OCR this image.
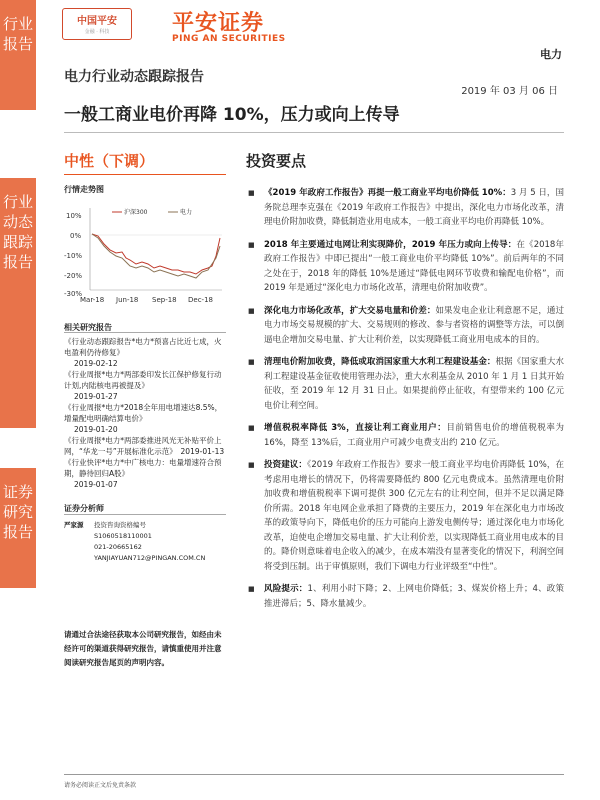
行业报告
行业动态跟踪报告
证券研究报告
中国平安
金融 · 科技	平安证券
PING AN SECURITIES
电力
电力行业动态跟踪报告
2019 年 03 月 06 日
一般工商业电价再降 10%，压力或向上传导
中性（下调）
行情走势图
10%
0%
-10%
-20%
-30%
沪深300	电力
Mar-18 Jun-18 Sep-18 Dec-18
相关研究报告
《行业动态跟踪报告*电力*预喜占比近七成，火电盈利仍待修复》
2019-02-12
《行业周报*电力*两部委印发长江保护修复行动计划,内陆核电再被提及》
2019-01-27
《行业周报*电力*2018全年用电增速达8.5%，增量配电明确结算电价》
2019-01-20
《行业周报*电力*两部委推进风光无补贴平价上网，“华龙一号”开展标准化示范》　2019-01-13
《行业快评*电力*中广核电力：电量增速符合预期，静待回归A股》
2019-01-07
证券分析师
严家源	投资咨询资格编号
S1060518110001
021-20665162
YANJIAYUAN712@PINGAN.COM.CN
请通过合法途径获取本公司研究报告，如经由未经许可的渠道获得研究报告，请慎重使用并注意阅读研究报告尾页的声明内容。
投资要点
■ 《2019 年政府工作报告》再提一般工商业平均电价降低 10%：3 月 5 日，国务院总理李克强在《2019 年政府工作报告》中提出，深化电力市场化改革，清理电价附加收费，降低制造业用电成本，一般工商业平均电价再降低 10%。
■ 2018 年主要通过电网让利实现降价，2019 年压力或向上传导：在《2018年政府工作报告》中即已提出“一般工商业电价平均降低 10%”。前后两年的不同之处在于，2018 年的降低 10%是通过“降低电网环节收费和输配电价格”，而 2019 年是通过“深化电力市场化改革，清理电价附加收费”。
■ 深化电力市场化改革，扩大交易电量和价差：如果发电企业让利意愿不足，通过电力市场交易规模的扩大、交易规则的修改、参与者资格的调整等方法，可以倒逼电企增加交易电量、扩大让利价差，以实现降低工商业用电成本的目的。
■ 清理电价附加收费，降低或取消国家重大水利工程建设基金：根据《国家重大水利工程建设基金征收使用管理办法》，重大水利基金从 2010 年 1 月 1 日其开始征收，至 2019 年 12 月 31 日止。如果提前停止征收，有望带来约 100 亿元电价让利空间。
■ 增值税税率降低 3%，直接让利工商业用户：目前销售电价的增值税税率为 16%，降至 13%后，工商业用户可减少电费支出约 210 亿元。
■ 投资建议：《2019 年政府工作报告》要求一般工商业平均电价再降低 10%，在考虑用电增长的情况下，仍将需要降低约 800 亿元电费成本。虽然清理电价附加收费和增值税税率下调可提供 300 亿元左右的让利空间，但并不足以满足降价所需。2018 年电网企业承担了降费的主要压力，2019 年在深化电力市场改革的政策导向下，降低电价的压力可能向上游发电侧传导；通过深化电力市场化改革，迫使电企增加交易电量、扩大让利价差，以实现降低工商业用电成本的目的。降价则意味着电企收入的减少，在成本端没有显著变化的情况下，利润空间将受到压制。出于审慎原则，我们下调电力行业评级至“中性”。
■ 风险提示：1、利用小时下降；2、上网电价降低；3、煤炭价格上升；4、政策推进滞后；5、降水量减少。
请务必阅读正文后免责条款
